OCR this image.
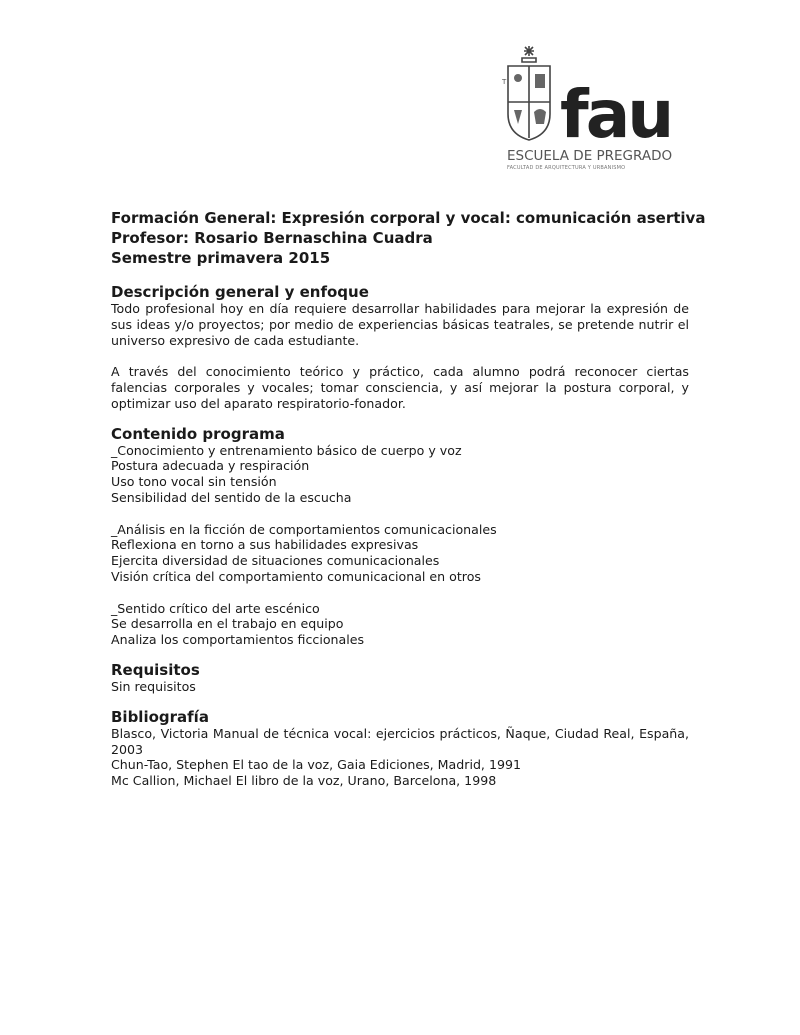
T fau
ESCUELA DE PREGRADO
FACULTAD DE ARQUITECTURA Y URBANISMO
Formación General: Expresión corporal y vocal: comunicación asertiva
Profesor: Rosario Bernaschina Cuadra
Semestre primavera 2015
Descripción general y enfoque

Todo profesional hoy en día requiere desarrollar habilidades para mejorar la expresión de sus ideas y/o proyectos; por medio de experiencias básicas teatrales, se pretende nutrir el universo expresivo de cada estudiante.

A través del conocimiento teórico y práctico, cada alumno podrá reconocer ciertas falencias corporales y vocales; tomar consciencia, y así mejorar la postura corporal, y optimizar uso del aparato respiratorio-fonador.

Contenido programa
_Conocimiento y entrenamiento básico de cuerpo y voz
Postura adecuada y respiración
Uso tono vocal sin tensión
Sensibilidad del sentido de la escucha
_Análisis en la ficción de comportamientos comunicacionales
Reflexiona en torno a sus habilidades expresivas
Ejercita diversidad de situaciones comunicacionales
Visión crítica del comportamiento comunicacional en otros
_Sentido crítico del arte escénico
Se desarrolla en el trabajo en equipo
Analiza los comportamientos ficcionales
Requisitos
Sin requisitos
Bibliografía

Blasco, Victoria Manual de técnica vocal: ejercicios prácticos, Ñaque, Ciudad Real, España, 2003

Chun-Tao, Stephen El tao de la voz, Gaia Ediciones, Madrid, 1991
Mc Callion, Michael El libro de la voz, Urano, Barcelona, 1998
